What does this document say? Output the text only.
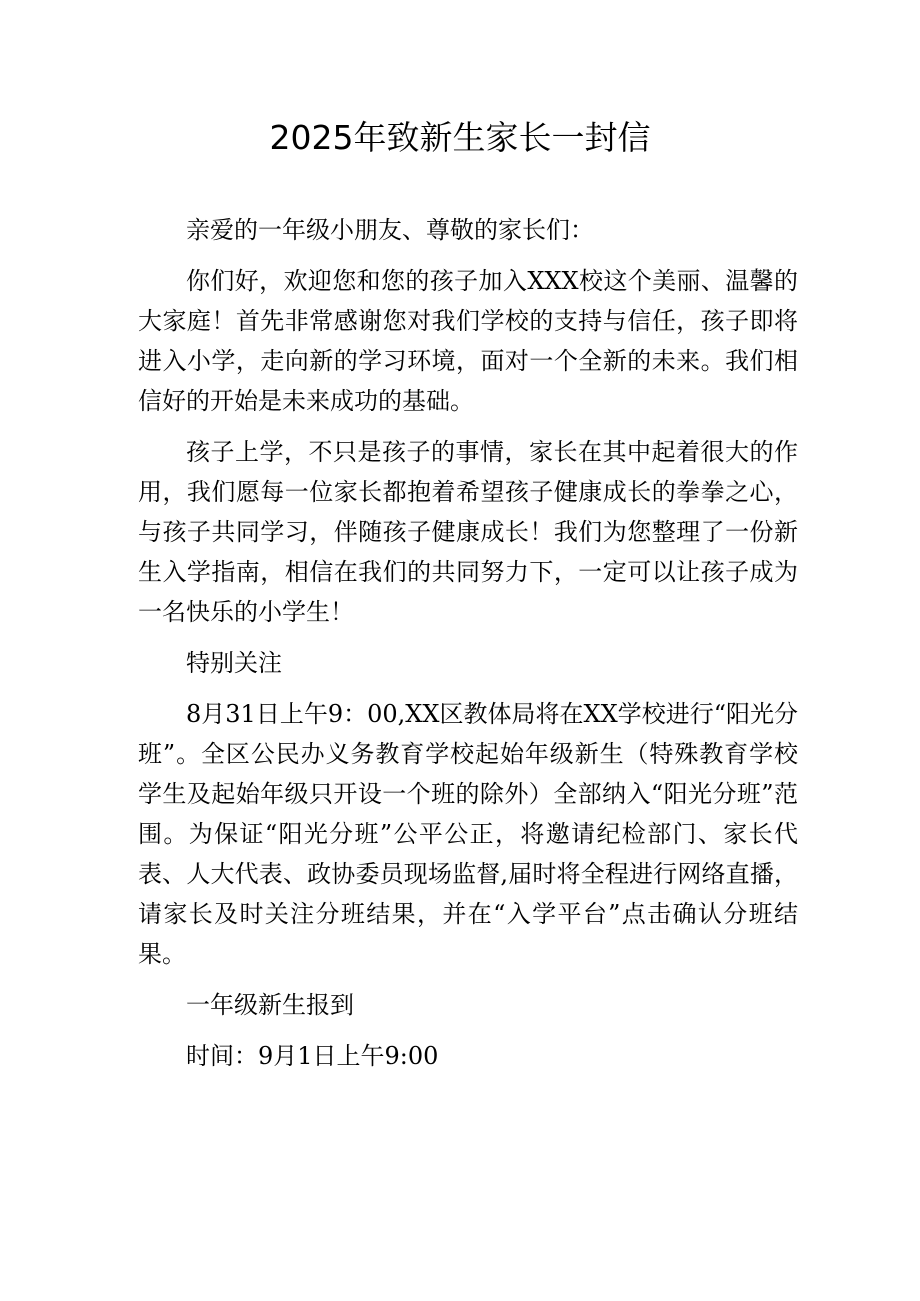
2025年致新生家长一封信

亲爱的一年级小朋友、尊敬的家长们：

你们好，欢迎您和您的孩子加入XXX校这个美丽、温馨的大家庭！首先非常感谢您对我们学校的支持与信任，孩子即将进入小学，走向新的学习环境，面对一个全新的未来。我们相信好的开始是未来成功的基础。

孩子上学，不只是孩子的事情，家长在其中起着很大的作用，我们愿每一位家长都抱着希望孩子健康成长的拳拳之心，与孩子共同学习，伴随孩子健康成长！我们为您整理了一份新生入学指南，相信在我们的共同努力下，一定可以让孩子成为一名快乐的小学生！

特别关注

8月31日上午9：00,XX区教体局将在XX学校进行“阳光分班”。全区公民办义务教育学校起始年级新生（特殊教育学校学生及起始年级只开设一个班的除外）全部纳入“阳光分班”范围。为保证“阳光分班”公平公正，将邀请纪检部门、家长代表、人大代表、政协委员现场监督,届时将全程进行网络直播，请家长及时关注分班结果，并在“入学平台”点击确认分班结果。

一年级新生报到

时间：9月1日上午9:00
